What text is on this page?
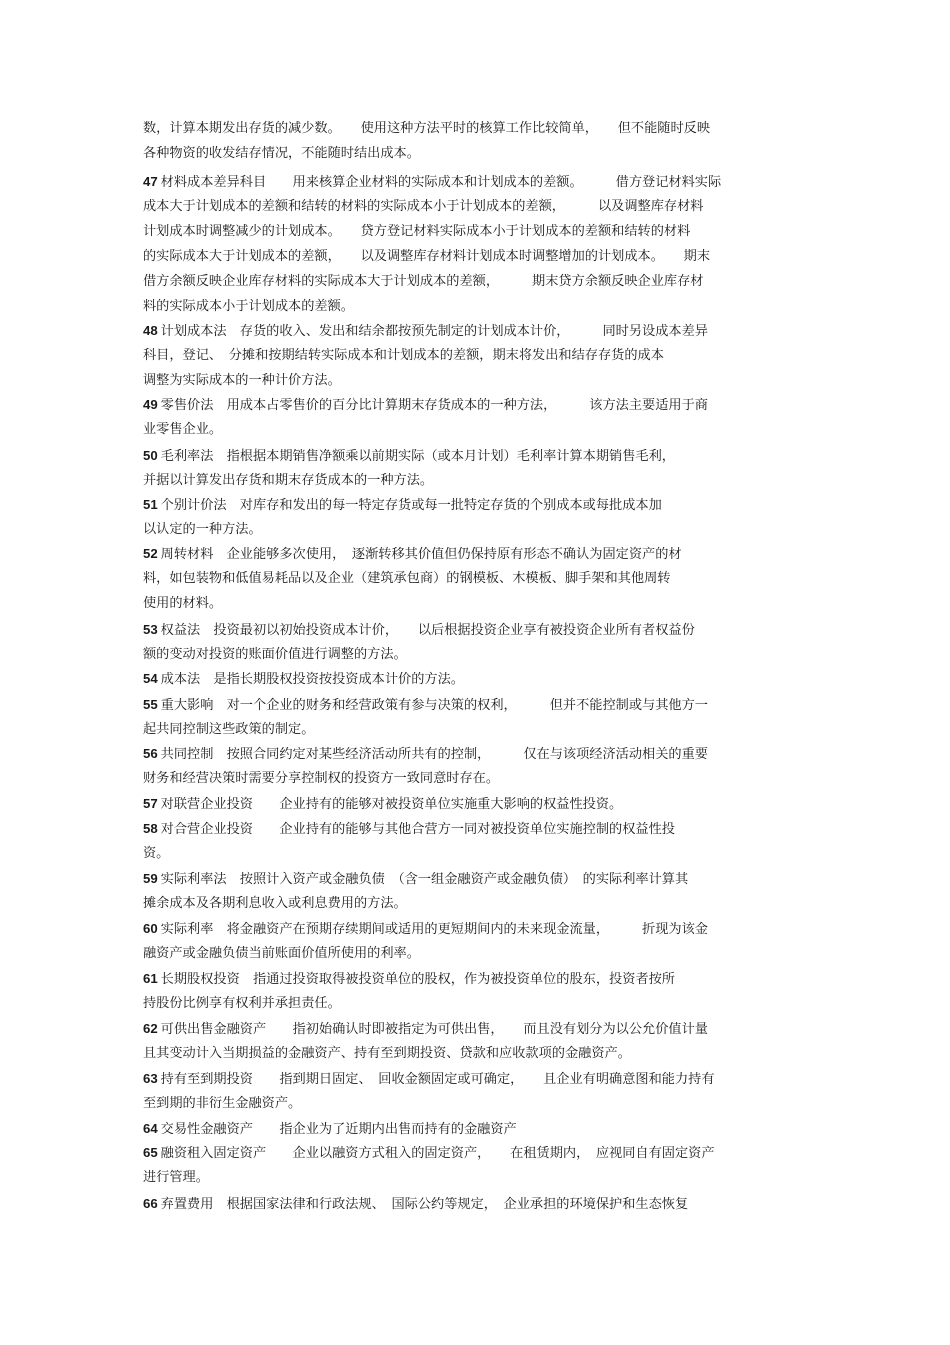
数，计算本期发出存货的减少数。　　使用这种方法平时的核算工作比较简单，　　但不能随时反映
各种物资的收发结存情况，不能随时结出成本。
47 材料成本差异科目　　用来核算企业材料的实际成本和计划成本的差额。　　　借方登记材料实际
成本大于计划成本的差额和结转的材料的实际成本小于计划成本的差额，　　　以及调整库存材料
计划成本时调整减少的计划成本。　　贷方登记材料实际成本小于计划成本的差额和结转的材料
的实际成本大于计划成本的差额，　　以及调整库存材料计划成本时调整增加的计划成本。　　期末
借方余额反映企业库存材料的实际成本大于计划成本的差额，　　　期末贷方余额反映企业库存材
料的实际成本小于计划成本的差额。
48 计划成本法　存货的收入、发出和结余都按预先制定的计划成本计价，　　　同时另设成本差异
科目，登记、　分摊和按期结转实际成本和计划成本的差额，期末将发出和结存存货的成本
调整为实际成本的一种计价方法。
49 零售价法　用成本占零售价的百分比计算期末存货成本的一种方法，　　　该方法主要适用于商
业零售企业。
50 毛利率法　指根据本期销售净额乘以前期实际（或本月计划）毛利率计算本期销售毛利，
并据以计算发出存货和期末存货成本的一种方法。
51 个别计价法　对库存和发出的每一特定存货或每一批特定存货的个别成本或每批成本加
以认定的一种方法。
52 周转材料　企业能够多次使用，　逐渐转移其价值但仍保持原有形态不确认为固定资产的材
料，如包装物和低值易耗品以及企业（建筑承包商）的钢模板、木模板、脚手架和其他周转
使用的材料。
53 权益法　投资最初以初始投资成本计价，　　以后根据投资企业享有被投资企业所有者权益份
额的变动对投资的账面价值进行调整的方法。
54 成本法　是指长期股权投资按投资成本计价的方法。
55 重大影响　对一个企业的财务和经营政策有参与决策的权利，　　　但并不能控制或与其他方一
起共同控制这些政策的制定。
56 共同控制　按照合同约定对某些经济活动所共有的控制，　　　仅在与该项经济活动相关的重要
财务和经营决策时需要分享控制权的投资方一致同意时存在。
57 对联营企业投资　　企业持有的能够对被投资单位实施重大影响的权益性投资。
58 对合营企业投资　　企业持有的能够与其他合营方一同对被投资单位实施控制的权益性投
资。
59 实际利率法　按照计入资产或金融负债　（含一组金融资产或金融负债）　的实际利率计算其
摊余成本及各期利息收入或利息费用的方法。
60 实际利率　将金融资产在预期存续期间或适用的更短期间内的未来现金流量，　　　折现为该金
融资产或金融负债当前账面价值所使用的利率。
61 长期股权投资　指通过投资取得被投资单位的股权，作为被投资单位的股东，投资者按所
持股份比例享有权利并承担责任。
62 可供出售金融资产　　指初始确认时即被指定为可供出售，　　而且没有划分为以公允价值计量
且其变动计入当期损益的金融资产、持有至到期投资、贷款和应收款项的金融资产。
63 持有至到期投资　　指到期日固定、　回收金额固定或可确定，　　且企业有明确意图和能力持有
至到期的非衍生金融资产。
64 交易性金融资产　　指企业为了近期内出售而持有的金融资产
65 融资租入固定资产　　企业以融资方式租入的固定资产，　　在租赁期内，　应视同自有固定资产
进行管理。
66 弃置费用　根据国家法律和行政法规、　国际公约等规定，　企业承担的环境保护和生态恢复
